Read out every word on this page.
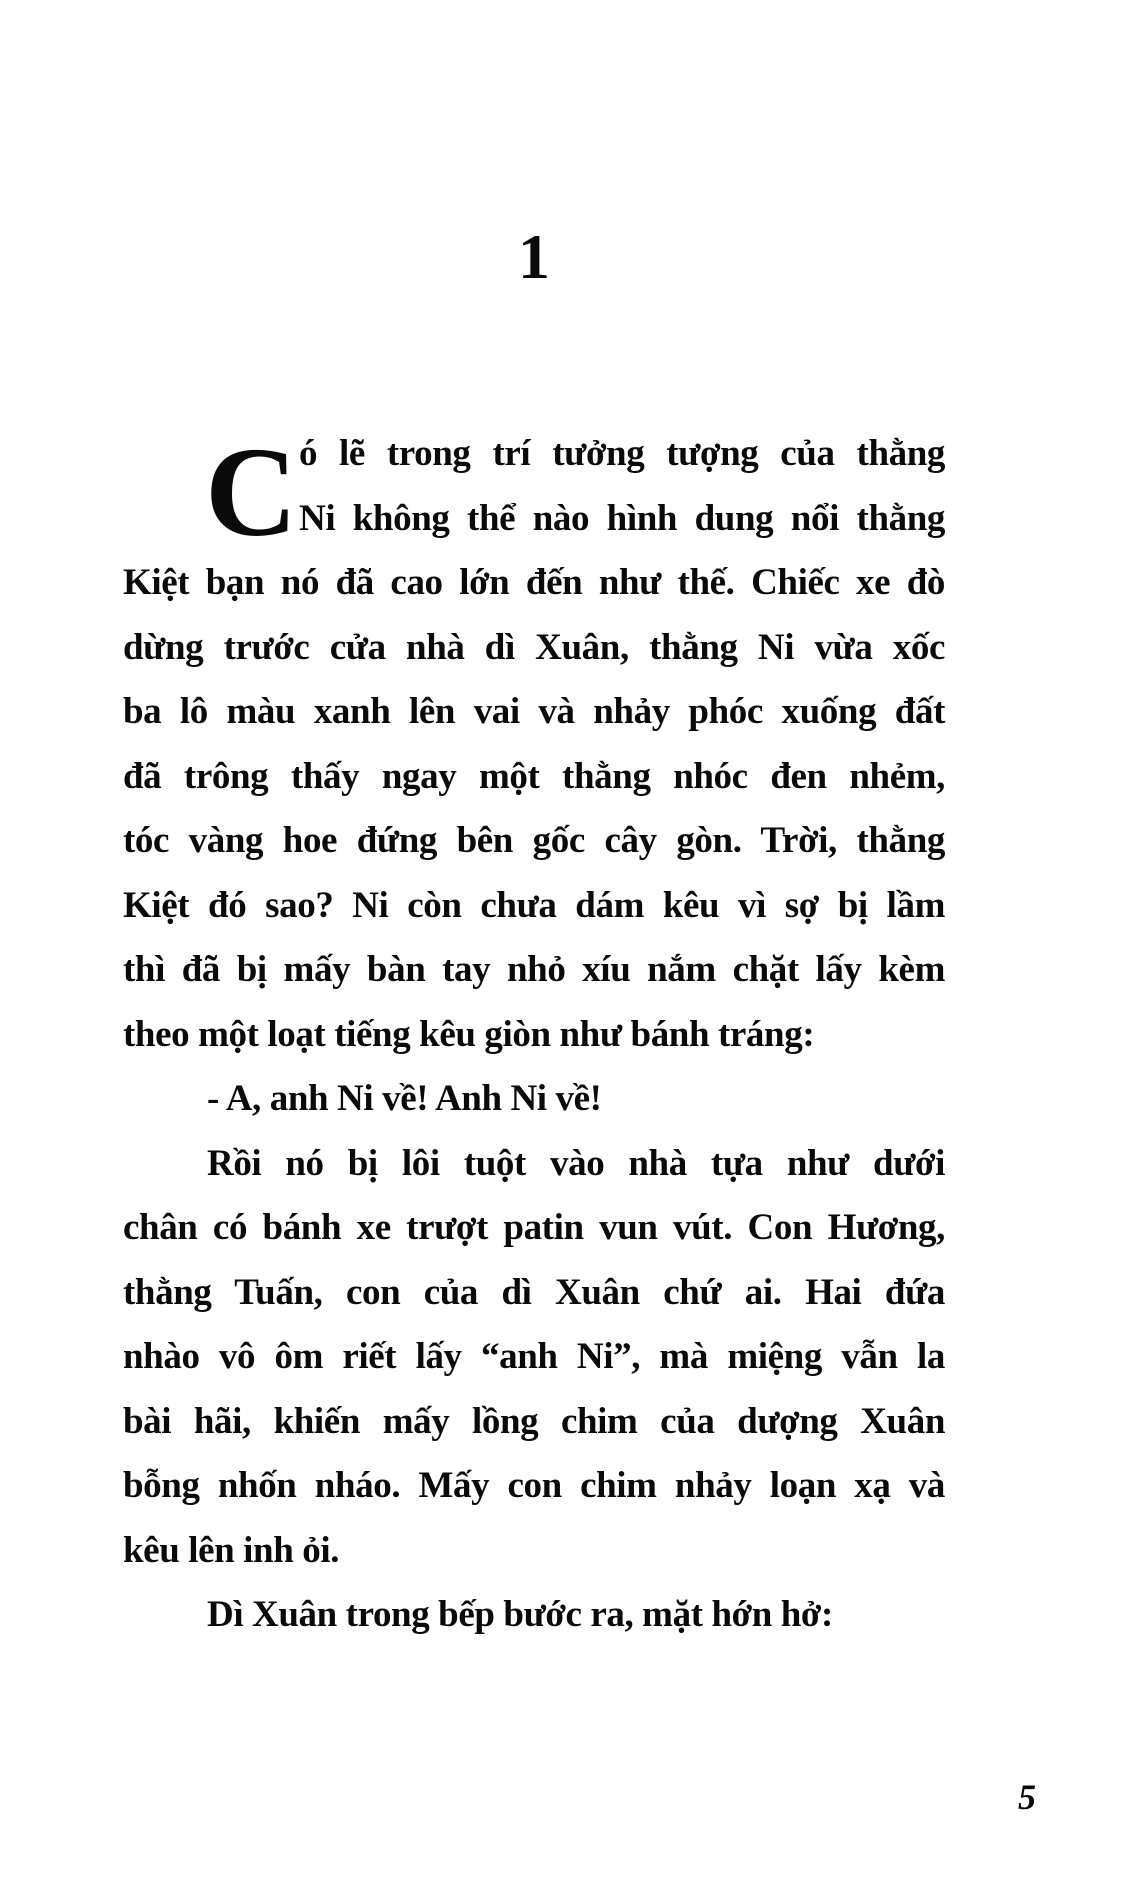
1
C ó lẽ trong trí tưởng tượng của thằng
Ni không thể nào hình dung nổi thằng
Kiệt bạn nó đã cao lớn đến như thế. Chiếc xe đò
dừng trước cửa nhà dì Xuân, thằng Ni vừa xốc
ba lô màu xanh lên vai và nhảy phóc xuống đất
đã trông thấy ngay một thằng nhóc đen nhẻm,
tóc vàng hoe đứng bên gốc cây gòn. Trời, thằng
Kiệt đó sao? Ni còn chưa dám kêu vì sợ bị lầm
thì đã bị mấy bàn tay nhỏ xíu nắm chặt lấy kèm
theo một loạt tiếng kêu giòn như bánh tráng:
- A, anh Ni về! Anh Ni về!
Rồi nó bị lôi tuột vào nhà tựa như dưới
chân có bánh xe trượt patin vun vút. Con Hương,
thằng Tuấn, con của dì Xuân chứ ai. Hai đứa
nhào vô ôm riết lấy “anh Ni”, mà miệng vẫn la
bài hãi, khiến mấy lồng chim của dượng Xuân
bỗng nhốn nháo. Mấy con chim nhảy loạn xạ và
kêu lên inh ỏi.
Dì Xuân trong bếp bước ra, mặt hớn hở:
5
